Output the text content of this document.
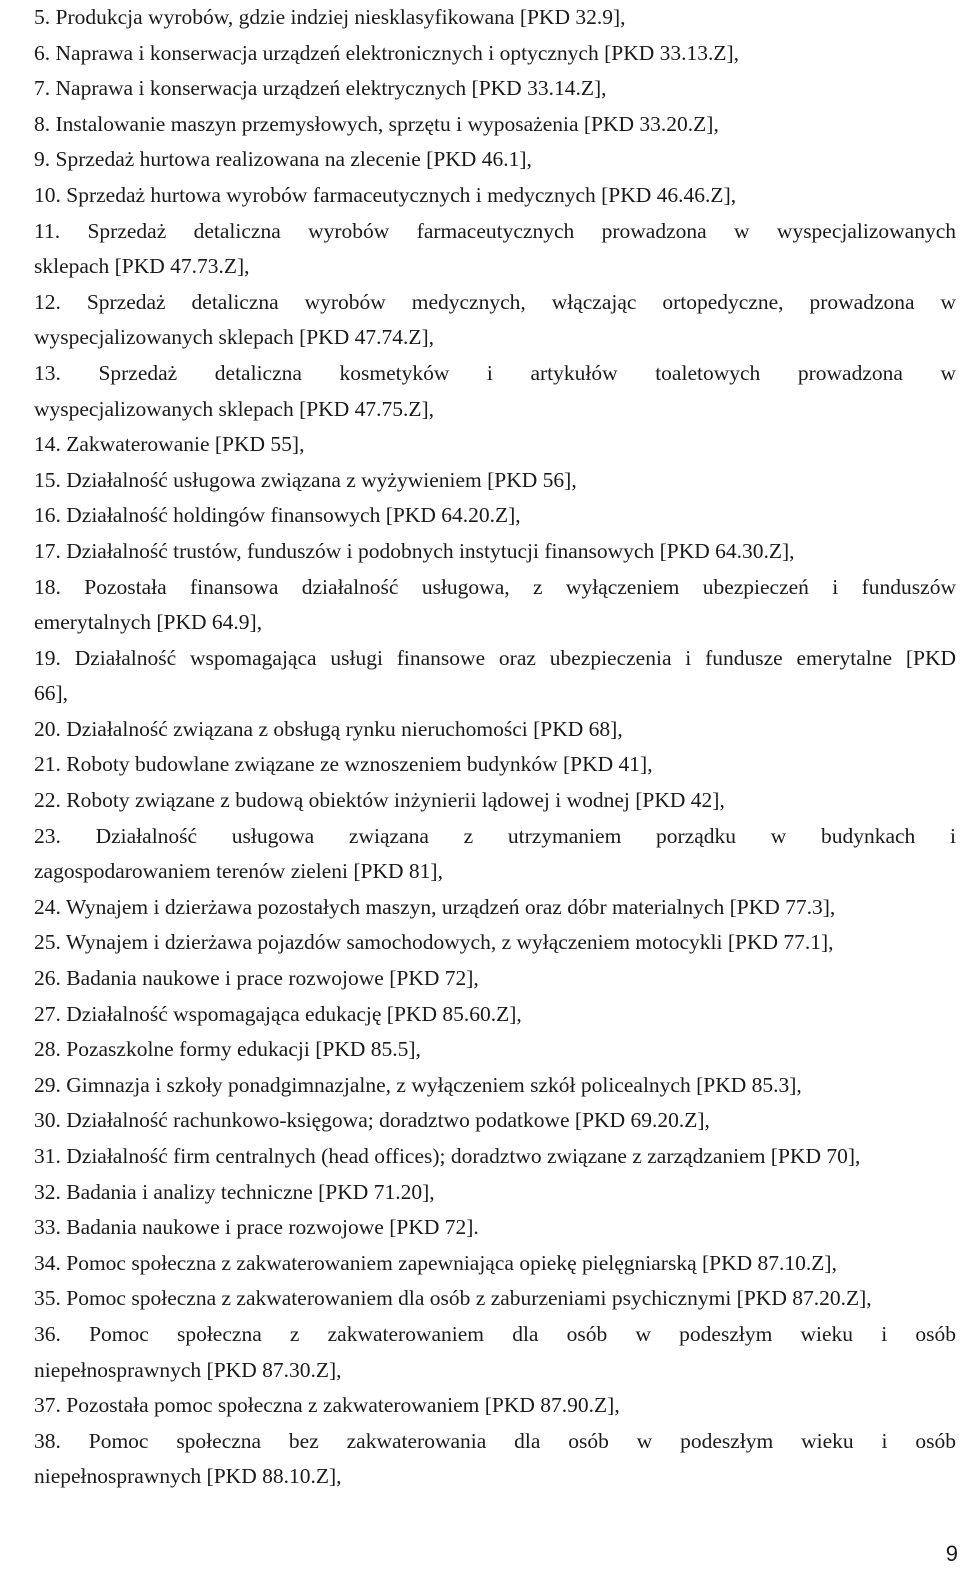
5. Produkcja wyrobów, gdzie indziej niesklasyfikowana [PKD 32.9],
6. Naprawa i konserwacja urządzeń elektronicznych i optycznych [PKD 33.13.Z],
7. Naprawa i konserwacja urządzeń elektrycznych [PKD 33.14.Z],
8. Instalowanie maszyn przemysłowych, sprzętu i wyposażenia [PKD 33.20.Z],
9. Sprzedaż hurtowa realizowana na zlecenie [PKD 46.1],
10. Sprzedaż hurtowa wyrobów farmaceutycznych i medycznych [PKD 46.46.Z],
11. Sprzedaż detaliczna wyrobów farmaceutycznych prowadzona w wyspecjalizowanych
sklepach [PKD 47.73.Z],
12. Sprzedaż detaliczna wyrobów medycznych, włączając ortopedyczne, prowadzona w
wyspecjalizowanych sklepach [PKD 47.74.Z],
13. Sprzedaż detaliczna kosmetyków i artykułów toaletowych prowadzona w
wyspecjalizowanych sklepach [PKD 47.75.Z],
14. Zakwaterowanie [PKD 55],
15. Działalność usługowa związana z wyżywieniem [PKD 56],
16. Działalność holdingów finansowych [PKD 64.20.Z],
17. Działalność trustów, funduszów i podobnych instytucji finansowych [PKD 64.30.Z],
18. Pozostała finansowa działalność usługowa, z wyłączeniem ubezpieczeń i funduszów
emerytalnych [PKD 64.9],
19. Działalność wspomagająca usługi finansowe oraz ubezpieczenia i fundusze emerytalne [PKD
66],
20. Działalność związana z obsługą rynku nieruchomości [PKD 68],
21. Roboty budowlane związane ze wznoszeniem budynków [PKD 41],
22. Roboty związane z budową obiektów inżynierii lądowej i wodnej [PKD 42],
23. Działalność usługowa związana z utrzymaniem porządku w budynkach i
zagospodarowaniem terenów zieleni [PKD 81],
24. Wynajem i dzierżawa pozostałych maszyn, urządzeń oraz dóbr materialnych [PKD 77.3],
25. Wynajem i dzierżawa pojazdów samochodowych, z wyłączeniem motocykli [PKD 77.1],
26. Badania naukowe i prace rozwojowe [PKD 72],
27. Działalność wspomagająca edukację [PKD 85.60.Z],
28. Pozaszkolne formy edukacji [PKD 85.5],
29. Gimnazja i szkoły ponadgimnazjalne, z wyłączeniem szkół policealnych [PKD 85.3],
30. Działalność rachunkowo-księgowa; doradztwo podatkowe [PKD 69.20.Z],
31. Działalność firm centralnych (head offices); doradztwo związane z zarządzaniem [PKD 70],
32. Badania i analizy techniczne [PKD 71.20],
33. Badania naukowe i prace rozwojowe [PKD 72].
34. Pomoc społeczna z zakwaterowaniem zapewniająca opiekę pielęgniarską [PKD 87.10.Z],
35. Pomoc społeczna z zakwaterowaniem dla osób z zaburzeniami psychicznymi [PKD 87.20.Z],
36. Pomoc społeczna z zakwaterowaniem dla osób w podeszłym wieku i osób
niepełnosprawnych [PKD 87.30.Z],
37. Pozostała pomoc społeczna z zakwaterowaniem [PKD 87.90.Z],
38. Pomoc społeczna bez zakwaterowania dla osób w podeszłym wieku i osób
niepełnosprawnych [PKD 88.10.Z],
9
